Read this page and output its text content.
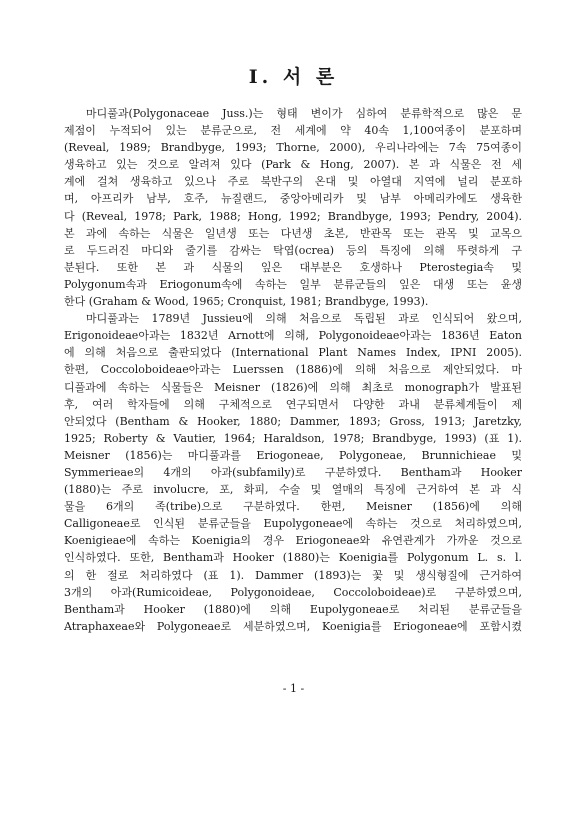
I. 서 론
마디풀과(Polygonaceae Juss.)는 형태 변이가 심하여 분류학적으로 많은 문
제점이 누적되어 있는 분류군으로, 전 세계에 약 40속 1,100여종이 분포하며
(Reveal, 1989; Brandbyge, 1993; Thorne, 2000), 우리나라에는 7속 75여종이
생육하고 있는 것으로 알려져 있다 (Park & Hong, 2007). 본 과 식물은 전 세
계에 걸쳐 생육하고 있으나 주로 북반구의 온대 및 아열대 지역에 널리 분포하
며, 아프리카 남부, 호주, 뉴질랜드, 중앙아메리카 및 남부 아메리카에도 생육한
다 (Reveal, 1978; Park, 1988; Hong, 1992; Brandbyge, 1993; Pendry, 2004).
본 과에 속하는 식물은 일년생 또는 다년생 초본, 반관목 또는 관목 및 교목으
로 두드러진 마디와 줄기를 감싸는 탁엽(ocrea) 등의 특징에 의해 뚜렷하게 구
분된다. 또한 본 과 식물의 잎은 대부분은 호생하나 Pterostegia속 및
Polygonum속과 Eriogonum속에 속하는 일부 분류군들의 잎은 대생 또는 윤생
한다 (Graham & Wood, 1965; Cronquist, 1981; Brandbyge, 1993).
마디풀과는 1789년 Jussieu에 의해 처음으로 독립된 과로 인식되어 왔으며,
Erigonoideae아과는 1832년 Arnott에 의해, Polygonoideae아과는 1836년 Eaton
에 의해 처음으로 출판되었다 (International Plant Names Index, IPNI 2005).
한편, Coccoloboideae아과는 Luerssen (1886)에 의해 처음으로 제안되었다. 마
디풀과에 속하는 식물들은 Meisner (1826)에 의해 최초로 monograph가 발표된
후, 여러 학자들에 의해 구체적으로 연구되면서 다양한 과내 분류체계들이 제
안되었다 (Bentham & Hooker, 1880; Dammer, 1893; Gross, 1913; Jaretzky,
1925; Roberty & Vautier, 1964; Haraldson, 1978; Brandbyge, 1993) (표 1).
Meisner (1856)는 마디풀과를 Eriogoneae, Polygoneae, Brunnichieae 및
Symmerieae의 4개의 아과(subfamily)로 구분하였다. Bentham과 Hooker
(1880)는 주로 involucre, 포, 화피, 수술 및 열매의 특징에 근거하여 본 과 식
물을 6개의 족(tribe)으로 구분하였다. 한편, Meisner (1856)에 의해
Calligoneae로 인식된 분류군들을 Eupolygoneae에 속하는 것으로 처리하였으며,
Koenigieae에 속하는 Koenigia의 경우 Eriogoneae와 유연관계가 가까운 것으로
인식하였다. 또한, Bentham과 Hooker (1880)는 Koenigia를 Polygonum L. s. l.
의 한 절로 처리하였다 (표 1). Dammer (1893)는 꽃 및 생식형질에 근거하여
3개의 아과(Rumicoideae, Polygonoideae, Coccoloboideae)로 구분하였으며,
Bentham과 Hooker (1880)에 의해 Eupolygoneae로 처리된 분류군들을
Atraphaxeae와 Polygoneae로 세분하였으며, Koenigia를 Eriogoneae에 포함시켰

- 1 -
